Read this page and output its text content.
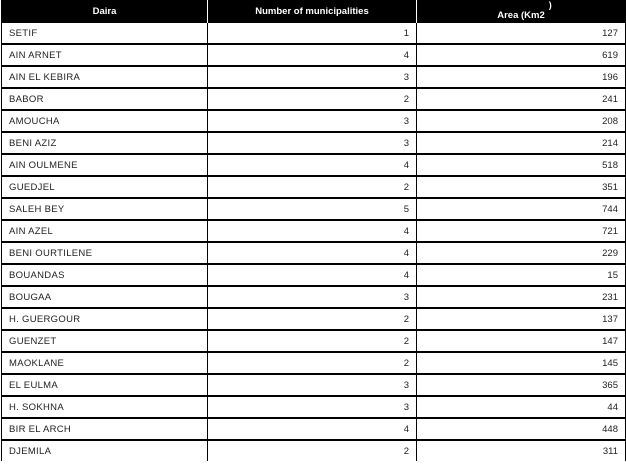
Daira	Number of municipalities	Area (Km2
)

SETIF	1	127
AIN ARNET	4	619
AIN EL KEBIRA	3	196
BABOR	2	241
AMOUCHA	3	208
BENI AZIZ	3	214
AIN OULMENE	4	518
GUEDJEL	2	351
SALEH BEY	5	744
AIN AZEL	4	721
BENI OURTILENE	4	229
BOUANDAS	4	15
BOUGAA	3	231
H. GUERGOUR	2	137
GUENZET	2	147
MAOKLANE	2	145
EL EULMA	3	365
H. SOKHNA	3	44
BIR EL ARCH	4	448
DJEMILA	2	311
